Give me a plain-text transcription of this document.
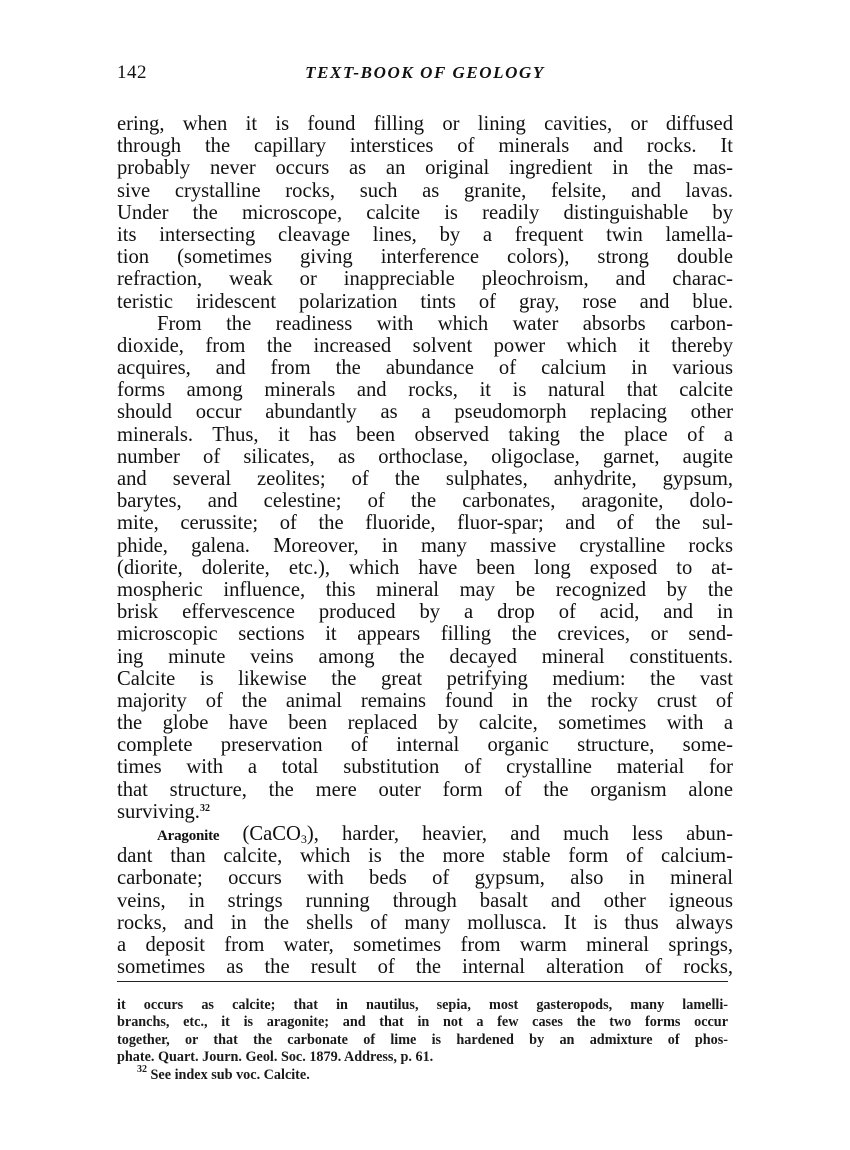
142	TEXT-BOOK OF GEOLOGY
ering, when it is found filling or lining cavities, or diffused
through the capillary interstices of minerals and rocks. It
probably never occurs as an original ingredient in the mas-
sive crystalline rocks, such as granite, felsite, and lavas.
Under the microscope, calcite is readily distinguishable by
its intersecting cleavage lines, by a frequent twin lamella-
tion (sometimes giving interference colors), strong double
refraction, weak or inappreciable pleochroism, and charac-
teristic iridescent polarization tints of gray, rose and blue.
From the readiness with which water absorbs carbon-
dioxide, from the increased solvent power which it thereby
acquires, and from the abundance of calcium in various
forms among minerals and rocks, it is natural that calcite
should occur abundantly as a pseudomorph replacing other
minerals. Thus, it has been observed taking the place of a
number of silicates, as orthoclase, oligoclase, garnet, augite
and several zeolites; of the sulphates, anhydrite, gypsum,
barytes, and celestine; of the carbonates, aragonite, dolo-
mite, cerussite; of the fluoride, fluor-spar; and of the sul-
phide, galena. Moreover, in many massive crystalline rocks
(diorite, dolerite, etc.), which have been long exposed to at-
mospheric influence, this mineral may be recognized by the
brisk effervescence produced by a drop of acid, and in
microscopic sections it appears filling the crevices, or send-
ing minute veins among the decayed mineral constituents.
Calcite is likewise the great petrifying medium: the vast
majority of the animal remains found in the rocky crust of
the globe have been replaced by calcite, sometimes with a
complete preservation of internal organic structure, some-
times with a total substitution of crystalline material for
that structure, the mere outer form of the organism alone
surviving.$^{32}$
Aragonite (CaCO$_3$), harder, heavier, and much less abun-
dant than calcite, which is the more stable form of calcium-
carbonate; occurs with beds of gypsum, also in mineral
veins, in strings running through basalt and other igneous
rocks, and in the shells of many mollusca. It is thus always
a deposit from water, sometimes from warm mineral springs,
sometimes as the result of the internal alteration of rocks,
it occurs as calcite; that in nautilus, sepia, most gasteropods, many lamelli-
branchs, etc., it is aragonite; and that in not a few cases the two forms occur
together, or that the carbonate of lime is hardened by an admixture of phos-
phate. Quart. Journ. Geol. Soc. 1879. Address, p. 61.
$^{32}$ See index sub voc. Calcite.
